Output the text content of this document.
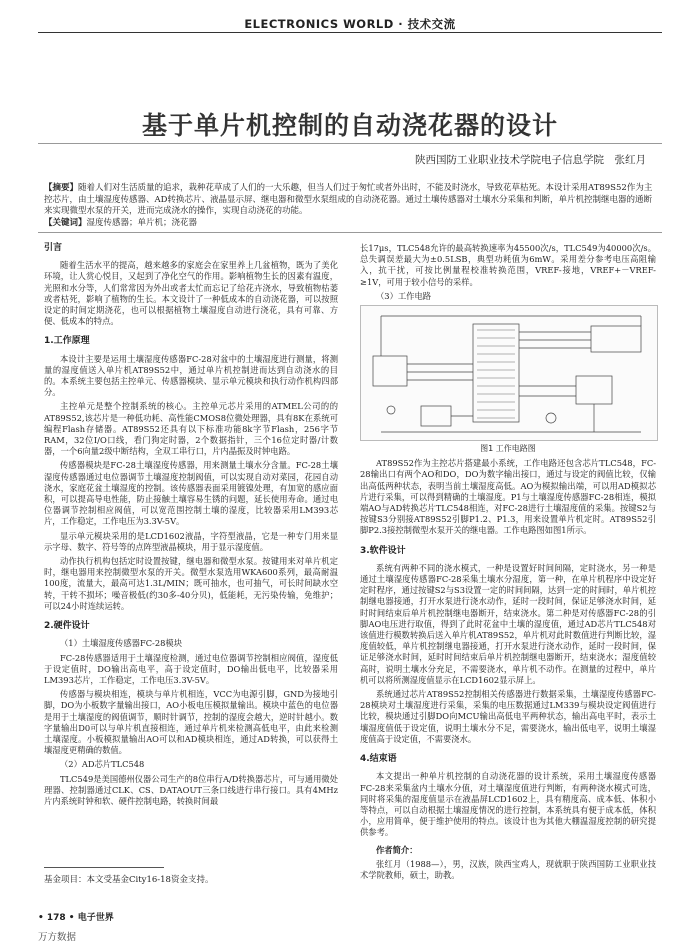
ELECTRONICS WORLD · 技术交流
基于单片机控制的自动浇花器的设计
陕西国防工业职业技术学院电子信息学院　张红月
【摘要】随着人们对生活质量的追求，栽种花草成了人们的一大乐趣，但当人们过于匆忙或者外出时，不能及时浇水，导致花草枯死。本设计采用AT89S52作为主控芯片，由土壤湿度传感器、AD转换芯片、液晶显示屏、继电器和微型水泵组成的自动浇花器。通过土壤传感器对土壤水分采集和判断，单片机控制继电器的通断来实现微型水泵的开关，进而完成浇水的操作，实现自动浇花的功能。
【关键词】湿度传感器；单片机；浇花器
引言

随着生活水平的提高，越来越多的家庭会在家里养上几盆植物，既为了美化环境，让人赏心悦目，又起到了净化空气的作用。影响植物生长的因素有温度，光照和水分等，人们常常因为外出或者太忙而忘记了给花卉浇水，导致植物枯萎或者枯死，影响了植物的生长。本文设计了一种低成本的自动浇花器，可以按照设定的时间定期浇花，也可以根据植物土壤湿度自动进行浇花，具有可靠、方便、低成本的特点。

1.工作原理

本设计主要是运用土壤湿度传感器FC-28对盆中的土壤湿度进行测量，将测量的湿度值送入单片机AT89S52中，通过单片机控制进而达到自动浇水的目的。本系统主要包括主控单元、传感器模块、显示单元模块和执行动作机构四部分。

主控单元是整个控制系统的核心。主控单元芯片采用的ATMEL公司的的AT89S52,该芯片是一种低功耗、高性能CMOS8位微处理器，具有8K在系统可编程Flash存储器。AT89S52还具有以下标准功能8k字节Flash，256字节RAM，32位I/O口线，看门狗定时器，2个数据指针，三个16位定时器/计数器，一个6向量2级中断结构，全双工串行口，片内晶振及时钟电路。

传感器模块是FC-28土壤湿度传感器，用来测量土壤水分含量。FC-28土壤湿度传感器通过电位器调节土壤湿度控制阀值，可以实现自动对菜园，花园自动浇水，家庭花盆土壤湿度的控制。该传感器表面采用镀镍处理，有加宽的感应面积，可以提高导电性能，防止接触土壤容易生锈的问题，延长使用寿命。通过电位器调节控制相应阀值，可以宽范围控制土壤的湿度，比较器采用LM393芯片，工作稳定，工作电压为3.3V-5V。

显示单元模块采用的是LCD1602液晶，字符型液晶，它是一种专门用来显示字母、数字、符号等的点阵型液晶模块，用于显示湿度值。

动作执行机构包括定时设置按键，继电器和微型水泵。按键用来对单片机定时，继电器用来控制微型水泵的开关。微型水泵选用WKA600系列，最高耐温100度，流量大，最高可达1.3L/MIN；既可抽水，也可抽气，可长时间缺水空转，干转不损坏；噪音极低(约30多-40分贝)，低能耗，无污染传输，免维护；可以24小时连续运转。

2.硬件设计

（1）土壤湿度传感器FC-28模块

FC-28传感器适用于土壤湿度检测，通过电位器调节控制相应阀值，湿度低于设定值时，DO输出高电平，高于设定值时，DO输出低电平，比较器采用LM393芯片，工作稳定，工作电压3.3V-5V。

传感器与模块相连，模块与单片机相连，VCC为电源引脚，GND为接地引脚，DO为小板数字量输出接口，AO小板电压模拟量输出。模块中蓝色的电位器是用于土壤湿度的阀值调节，顺时针调节，控制的湿度会越大，逆时针越小。数字量输出D0可以与单片机直接相连，通过单片机来检测高低电平，由此来检测土壤湿度。小板模拟量输出AO可以和AD模块相连，通过AD转换，可以获得土壤湿度更精确的数值。

（2）AD芯片TLC548

TLC549是美国德州仪器公司生产的8位串行A/D转换器芯片，可与通用微处理器、控制器通过CLK、CS、DATAOUT三条口线进行串行接口。具有4MHz片内系统时钟和软、硬件控制电路，转换时间最

长17μs，TLC548允许的最高转换速率为45500次/s，TLC549为40000次/s。总失调误差最大为±0.5LSB，典型功耗值为6mW。采用差分参考电压高阻输入，抗干扰，可按比例量程校准转换范围，VREF-接地，VREF+－VREF-≥1V，可用于较小信号的采样。

（3）工作电路

图1 工作电路图

AT89S52作为主控芯片搭建最小系统，工作电路还包含芯片TLC548，FC-28输出口有两个AO和DO，DO为数字输出接口，通过与设定的阀值比较，仅输出高低两种状态，表明当前土壤湿度高低。AO为模拟输出端，可以用AD模拟芯片进行采集，可以得到精确的土壤湿度。P1与土壤湿度传感器FC-28相连，模拟端AO与AD转换芯片TLC548相连，对FC-28进行土壤湿度值的采集。按键S2与按键S3分别接AT89S52引脚P1.2、P1.3，用来设置单片机定时。AT89S52引脚P2.3接控制微型水泵开关的继电器。工作电路图如图1所示。

3.软件设计

系统有两种不同的浇水模式，一种是设置好时间间隔，定时浇水，另一种是通过土壤湿度传感器FC-28采集土壤水分湿度，第一种，在单片机程序中设定好定时程序，通过按键S2与S3设置一定的时间间隔，达到一定的时间时，单片机控制继电器接通，打开水泵进行浇水动作，延时一段时间，保证足够浇水时间，延时时间结束后单片机控制继电器断开，结束浇水。第二种是对传感器FC-28的引脚AO电压进行取值，得到了此时花盆中土壤的湿度值，通过AD芯片TLC548对该值进行模数转换后送入单片机AT89S52，单片机对此时数值进行判断比较，湿度值较低，单片机控制继电器接通，打开水泵进行浇水动作，延时一段时间，保证足够浇水时间，延时时间结束后单片机控制继电器断开，结束浇水；湿度值较高时，说明土壤水分充足，不需要浇水，单片机不动作。在测量的过程中，单片机可以将所测湿度值显示在LCD1602显示屏上。

系统通过芯片AT89S52控制相关传感器进行数据采集，土壤湿度传感器FC-28模块对土壤湿度进行采集，采集的电压数据通过LM339与模块设定阀值进行比较，模块通过引脚DO向MCU输出高低电平两种状态，输出高电平时，表示土壤湿度值低于设定值，说明土壤水分不足，需要浇水，输出低电平，说明土壤湿度值高于设定值，不需要浇水。

4.结束语

本文提出一种单片机控制的自动浇花器的设计系统，采用土壤湿度传感器FC-28来采集盆内土壤水分值，对土壤湿度值进行判断，有两种浇水模式可选，同时将采集的湿度值显示在液晶屏LCD1602上，具有精度高、成本低、体积小等特点，可以自动根据土壤湿度情况的进行控制，本系统具有便于成本低，体积小，应用简单，便于维护使用的特点。该设计也为其他大棚温湿度控制的研究提供参考。

作者简介：

张红月（1988—），男，汉族，陕西宝鸡人，现就职于陕西国防工业职业技术学院教师，硕士，助教。

基金项目：本文受基金City16-18资金支持。
• 178 • 电子世界
万方数据
